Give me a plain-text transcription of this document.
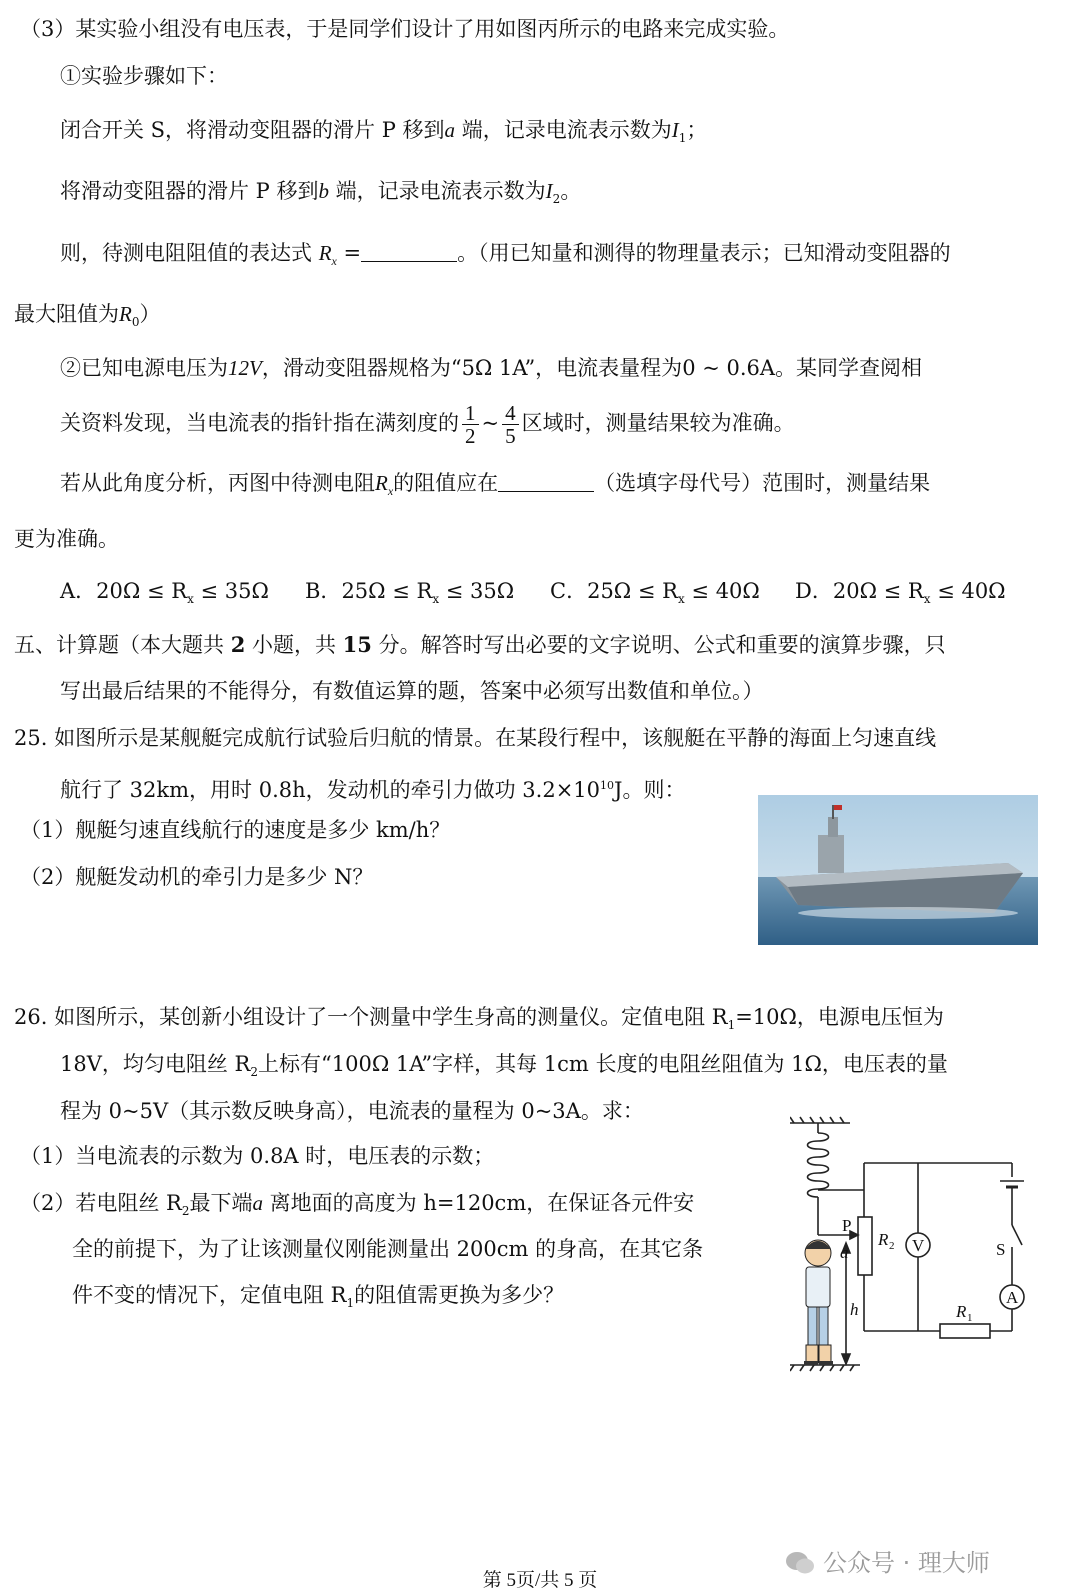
（3）某实验小组没有电压表，于是同学们设计了用如图丙所示的电路来完成实验。
①实验步骤如下：
闭合开关 S，将滑动变阻器的滑片 P 移到a 端，记录电流表示数为$I_1$；
将滑动变阻器的滑片 P 移到b 端，记录电流表示数为$I_2$。
则，待测电阻阻值的表达式 $R_x$ =	。（用已知量和测得的物理量表示；已知滑动变阻器的
最大阻值为$R_0$）
②已知电源电压为12V，滑动变阻器规格为“5Ω 1A”，电流表量程为0 ~ 0.6A。某同学查阅相
关资料发现，当电流表的指针指在满刻度的 $\frac{1}{2}$ ~ $\frac{4}{5}$ 区域时，测量结果较为准确。
若从此角度分析，丙图中待测电阻$R_x$的阻值应在	（选填字母代号）范围时，测量结果
更为准确。
A．$20\Omega \le R_x \le 35\Omega$ B．$25\Omega \le R_x \le 35\Omega$ C．$25\Omega \le R_x \le 40\Omega$ D．$20\Omega \le R_x \le 40\Omega$
五、计算题（本大题共 2 小题，共 15 分。解答时写出必要的文字说明、公式和重要的演算步骤，只
写出最后结果的不能得分，有数值运算的题，答案中必须写出数值和单位。）
25. 如图所示是某舰艇完成航行试验后归航的情景。在某段行程中，该舰艇在平静的海面上匀速直线
航行了 32km，用时 0.8h，发动机的牵引力做功 $3.2\times 10^{10}J$。则：
（1）舰艇匀速直线航行的速度是多少 km/h？
（2）舰艇发动机的牵引力是多少 N？
26. 如图所示，某创新小组设计了一个测量中学生身高的测量仪。定值电阻 $R_1=10\Omega$，电源电压恒为
18V，均匀电阻丝 $R_2$上标有“100Ω 1A”字样，其每 1cm 长度的电阻丝阻值为 1Ω，电压表的量
程为 0~5V（其示数反映身高），电流表的量程为 0~3A。求：
（1）当电流表的示数为 0.8A 时，电压表的示数；
（2）若电阻丝 $R_2$最下端a 离地面的高度为 h=120cm，在保证各元件安
全的前提下，为了让该测量仪刚能测量出 200cm 的身高，在其它条
件不变的情况下，定值电阻 $R_1$的阻值需更换为多少？
P
a
h
R 2 V	S
A
R 1
公众号 · 理大师
第 5页/共 5 页
